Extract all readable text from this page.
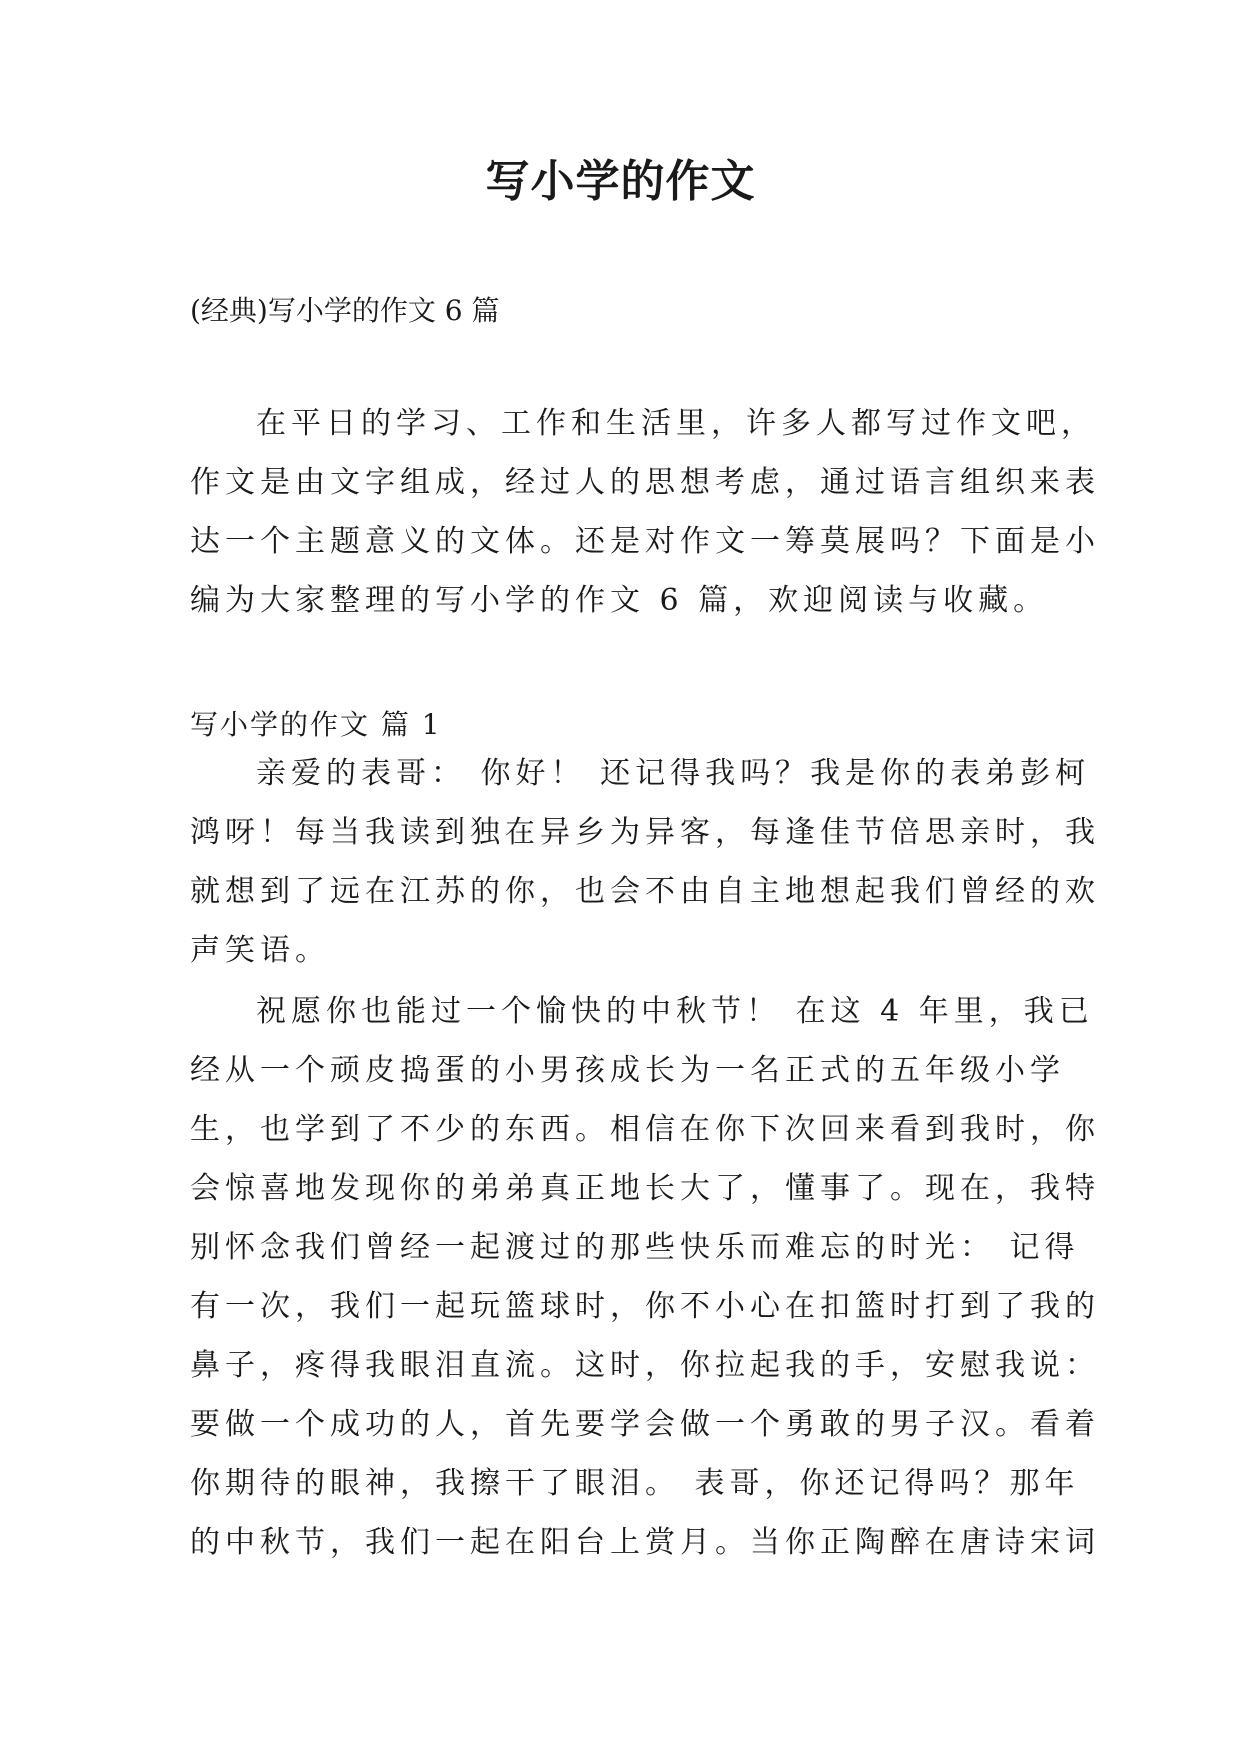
写小学的作文

(经典)写小学的作文 6 篇

在平日的学习、工作和生活里，许多人都写过作文吧，

作文是由文字组成，经过人的思想考虑，通过语言组织来表

达一个主题意义的文体。还是对作文一筹莫展吗？下面是小

编为大家整理的写小学的作文 6 篇，欢迎阅读与收藏。

写小学的作文 篇 1

亲爱的表哥： 你好！ 还记得我吗？我是你的表弟彭柯

鸿呀！每当我读到独在异乡为异客，每逢佳节倍思亲时，我

就想到了远在江苏的你，也会不由自主地想起我们曾经的欢

声笑语。

祝愿你也能过一个愉快的中秋节！ 在这 4 年里，我已

经从一个顽皮捣蛋的小男孩成长为一名正式的五年级小学

生，也学到了不少的东西。相信在你下次回来看到我时，你

会惊喜地发现你的弟弟真正地长大了，懂事了。现在，我特

别怀念我们曾经一起渡过的那些快乐而难忘的时光： 记得

有一次，我们一起玩篮球时，你不小心在扣篮时打到了我的

鼻子，疼得我眼泪直流。这时，你拉起我的手，安慰我说：

要做一个成功的人，首先要学会做一个勇敢的男子汉。看着

你期待的眼神，我擦干了眼泪。 表哥，你还记得吗？那年

的中秋节，我们一起在阳台上赏月。当你正陶醉在唐诗宋词
